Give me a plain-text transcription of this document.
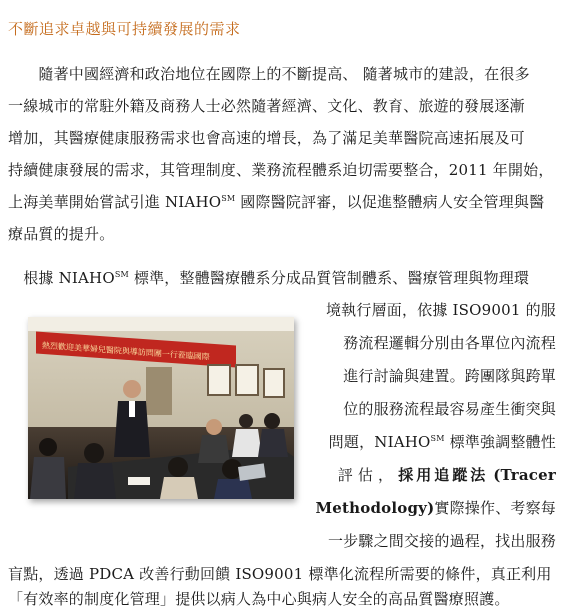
不斷追求卓越與可持續發展的需求
　　隨著中國經濟和政治地位在國際上的不斷提高、 隨著城市的建設，在很多
一線城市的常駐外籍及商務人士必然隨著經濟、文化、教育、旅遊的發展逐漸
增加，其醫療健康服務需求也會高速的增長，為了滿足美華醫院高速拓展及可
持續健康發展的需求，其管理制度、業務流程體系迫切需要整合，2011 年開始，
上海美華開始嘗試引進 NIAHO℠ 國際醫院評審，以促進整體病人安全管理與醫
療品質的提升。
　根據 NIAHO℠ 標準，整體醫療體系分成品質管制體系、醫療管理與物理環
境執行層面，依據 ISO9001 的服
務流程邏輯分別由各單位內流程
進行討論與建置。跨團隊與跨單
位的服務流程最容易產生衝突與
問題，NIAHO℠ 標準強調整體性
評 估 ， 採用追蹤法 (Tracer
Methodology)實際操作、考察每
一步驟之間交接的過程，找出服務
盲點，透過 PDCA 改善行動回饋 ISO9001 標準化流程所需要的條件，真正利用
「有效率的制度化管理」提供以病人為中心與病人安全的高品質醫療照護。
熱烈歡迎美華婦兒醫院與導訪問團一行蒞臨國際
